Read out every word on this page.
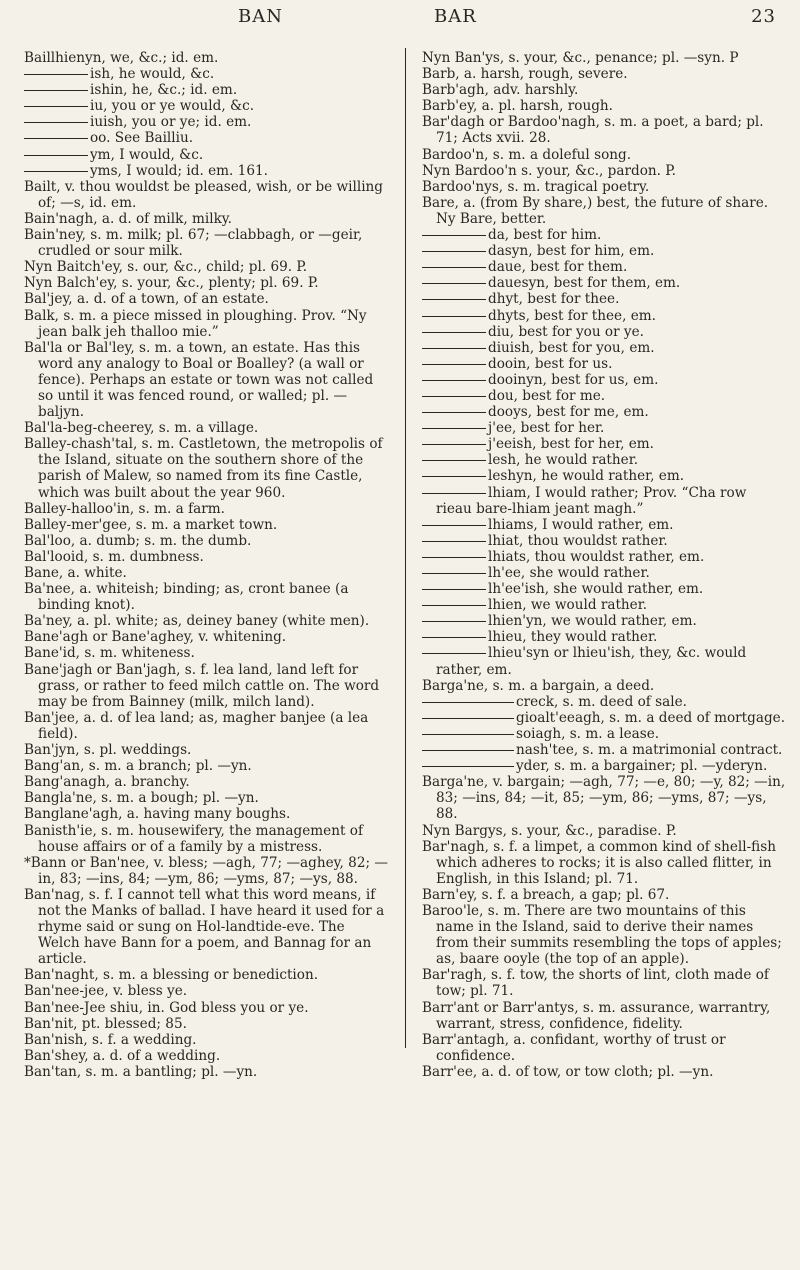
BAN	BAR	23

Baillhienyn, we, &c.; id. em.

ish, he would, &c.

ishin, he, &c.; id. em.

iu, you or ye would, &c.

iuish, you or ye; id. em.

oo. See Bailliu.

ym, I would, &c.

yms, I would; id. em. 161.

Bailt, v. thou wouldst be pleased, wish, or be willing of; —s, id. em.

Bain'nagh, a. d. of milk, milky.

Bain'ney, s. m. milk; pl. 67; —clabbagh, or —geir, crudled or sour milk.

Nyn Baitch'ey, s. our, &c., child; pl. 69. P.

Nyn Balch'ey, s. your, &c., plenty; pl. 69. P.

Bal'jey, a. d. of a town, of an estate.

Balk, s. m. a piece missed in ploughing. Prov. “Ny jean balk jeh thalloo mie.”

Bal'la or Bal'ley, s. m. a town, an estate. Has this word any analogy to Boal or Boalley? (a wall or fence). Perhaps an estate or town was not called so until it was fenced round, or walled; pl. —baljyn.

Bal'la-beg-cheerey, s. m. a village.

Balley-chash'tal, s. m. Castletown, the metropolis of the Island, situate on the southern shore of the parish of Malew, so named from its fine Castle, which was built about the year 960.

Balley-halloo'in, s. m. a farm.

Balley-mer'gee, s. m. a market town.

Bal'loo, a. dumb; s. m. the dumb.

Bal'looid, s. m. dumbness.

Bane, a. white.

Ba'nee, a. whiteish; binding; as, cront banee (a binding knot).

Ba'ney, a. pl. white; as, deiney baney (white men).

Bane'agh or Bane'aghey, v. whitening.

Bane'id, s. m. whiteness.

Bane'jagh or Ban'jagh, s. f. lea land, land left for grass, or rather to feed milch cattle on. The word may be from Bainney (milk, milch land).

Ban'jee, a. d. of lea land; as, magher banjee (a lea field).

Ban'jyn, s. pl. weddings.

Bang'an, s. m. a branch; pl. —yn.

Bang'anagh, a. branchy.

Bangla'ne, s. m. a bough; pl. —yn.

Banglane'agh, a. having many boughs.

Banisth'ie, s. m. housewifery, the management of house affairs or of a family by a mistress.

*Bann or Ban'nee, v. bless; —agh, 77; —aghey, 82; —in, 83; —ins, 84; —ym, 86; —yms, 87; —ys, 88.

Ban'nag, s. f. I cannot tell what this word means, if not the Manks of ballad. I have heard it used for a rhyme said or sung on Hol-landtide-eve. The Welch have Bann for a poem, and Bannag for an article.

Ban'naght, s. m. a blessing or benediction.

Ban'nee-jee, v. bless ye.

Ban'nee-Jee shiu, in. God bless you or ye.

Ban'nit, pt. blessed; 85.

Ban'nish, s. f. a wedding.

Ban'shey, a. d. of a wedding.

Ban'tan, s. m. a bantling; pl. —yn.

Nyn Ban'ys, s. your, &c., penance; pl. —syn. P

Barb, a. harsh, rough, severe.

Barb'agh, adv. harshly.

Barb'ey, a. pl. harsh, rough.

Bar'dagh or Bardoo'nagh, s. m. a poet, a bard; pl. 71; Acts xvii. 28.

Bardoo'n, s. m. a doleful song.

Nyn Bardoo'n s. your, &c., pardon. P.

Bardoo'nys, s. m. tragical poetry.

Bare, a. (from By share,) best, the future of share. Ny Bare, better.

da, best for him.

dasyn, best for him, em.

daue, best for them.

dauesyn, best for them, em.

dhyt, best for thee.

dhyts, best for thee, em.

diu, best for you or ye.

diuish, best for you, em.

dooin, best for us.

dooinyn, best for us, em.

dou, best for me.

dooys, best for me, em.

j'ee, best for her.

j'eeish, best for her, em.

lesh, he would rather.

leshyn, he would rather, em.

lhiam, I would rather; Prov. “Cha row rieau bare-lhiam jeant magh.”

lhiams, I would rather, em.

lhiat, thou wouldst rather.

lhiats, thou wouldst rather, em.

lh'ee, she would rather.

lh'ee'ish, she would rather, em.

lhien, we would rather.

lhien'yn, we would rather, em.

lhieu, they would rather.

lhieu'syn or lhieu'ish, they, &c. would rather, em.

Barga'ne, s. m. a bargain, a deed.

creck, s. m. deed of sale.

gioalt'eeagh, s. m. a deed of mortgage.

soiagh, s. m. a lease.

nash'tee, s. m. a matrimonial contract.

yder, s. m. a bargainer; pl. —yderyn.

Barga'ne, v. bargain; —agh, 77; —e, 80; —y, 82; —in, 83; —ins, 84; —it, 85; —ym, 86; —yms, 87; —ys, 88.

Nyn Bargys, s. your, &c., paradise. P.

Bar'nagh, s. f. a limpet, a common kind of shell-fish which adheres to rocks; it is also called flitter, in English, in this Island; pl. 71.

Barn'ey, s. f. a breach, a gap; pl. 67.

Baroo'le, s. m. There are two mountains of this name in the Island, said to derive their names from their summits resembling the tops of apples; as, baare ooyle (the top of an apple).

Bar'ragh, s. f. tow, the shorts of lint, cloth made of tow; pl. 71.

Barr'ant or Barr'antys, s. m. assurance, warrantry, warrant, stress, confidence, fidelity.

Barr'antagh, a. confidant, worthy of trust or confidence.

Barr'ee, a. d. of tow, or tow cloth; pl. —yn.
